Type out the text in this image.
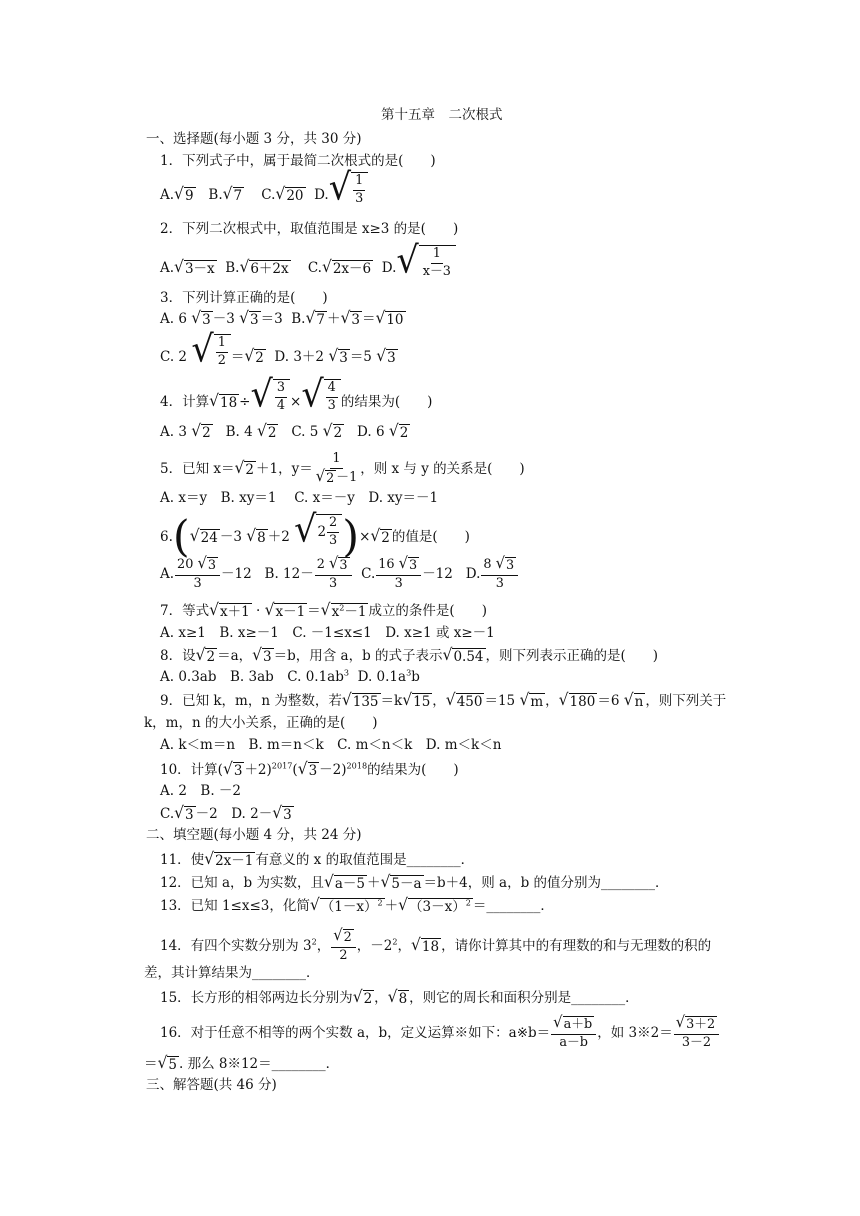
第十五章　二次根式
一、选择题(每小题 3 分，共 30 分)
1．下列式子中，属于最简二次根式的是(　　)
A. √ 9 B. √ 7 C. √ 20 D. √ $\frac{1}{3}$
2．下列二次根式中，取值范围是 x≥3 的是(　　)
A. √ 3－x B. √ 6＋2x C. √ 2x－6 D. √ $\frac{1}{x-3}$
3．下列计算正确的是(　　)
A. 6 √ 3 －3 √ 3 ＝3 B. √ 7 ＋ √ 3 ＝ √ 10
C. 2 √ $\frac{1}{2}$ ＝ √ 2 D. 3＋2 √ 3 ＝5 √ 3
4．计算 √ 18 ÷ √ $\frac{3}{4}$ × √ $\frac{4}{3}$ 的结果为(　　)
A. 3 √ 2 B. 4 √ 2 C. 5 √ 2 D. 6 √ 2
5．已知 x＝ √ 2 ＋1，$y= \frac{1}{√ 2 -1}$ ，则 x 与 y 的关系是(　　)
A. x＝y　B. xy＝1　 C. x＝－y　D. xy＝－1
6.( √ 24 －3 √ 8 ＋2 √ $2 \frac{2}{3}$ )× √ 2 的值是(　　)
A. $\frac{20 √ 3}{3} -12$ B. $12- \frac{2 √ 3}{3} C$. $\frac{16 √ 3}{3} -12$ D. $\frac{8 √ 3}{3}$
7．等式 √ x＋1 · √ x－1 ＝ √ $x^2-1$ 成立的条件是(　　)
A. x≥1　B. x≥－1　C. －1≤x≤1　D. x≥1 或 x≥－1
8．设 √ 2 ＝a， √ 3 ＝b，用含 a，b 的式子表示 √ 0.54 ，则下列表示正确的是(　　)
A. 0.3ab　B. 3ab　C. $0.1ab^3$ D. $0.1a^3b$
9．已知 k，m，n 为整数，若 √ 135 ＝k √ 15 ， √ 450 ＝15 √ m ， √ 180 ＝6 √ n ，则下列关于
k，m，n 的大小关系，正确的是(　　)
A. k＜m＝n　B. m＝n＜k　C. m＜n＜k　D. m＜k＜n
10．计算( √ 3 ＋2)$^{2017}$( √ 3 －2)$^{2018}$的结果为(　　)
A. 2　B. －2
C. √ 3 －2　D. 2－ √ 3
二、填空题(每小题 4 分，共 24 分)
11．使 √ 2x－1 有意义的 x 的取值范围是________．
12．已知 a，b 为实数，且 √ a－5 ＋ √ 5－a ＝b＋4，则 a，b 的值分别为________．
13．已知 1≤x≤3，化简 √ $(1-x)^2$ ＋ √ $(3-x)^2$ ＝________．
14．有四个实数分别为 $3^2$， $\frac{√ 2}{2}$ ，$-2^2$， √ 18 ，请你计算其中的有理数的和与无理数的积的
差，其计算结果为________．
15．长方形的相邻两边长分别为 √ 2 ， √ 8 ，则它的周长和面积分别是________．
16．对于任意不相等的两个实数 a，b，定义运算※如下：a※b＝ $\frac{√ a+b}{a-b}$ ，如 3※2＝ $\frac{√ 3+2}{3-2}$
＝ √ 5 . 那么 8※12＝________．
三、解答题(共 46 分)
